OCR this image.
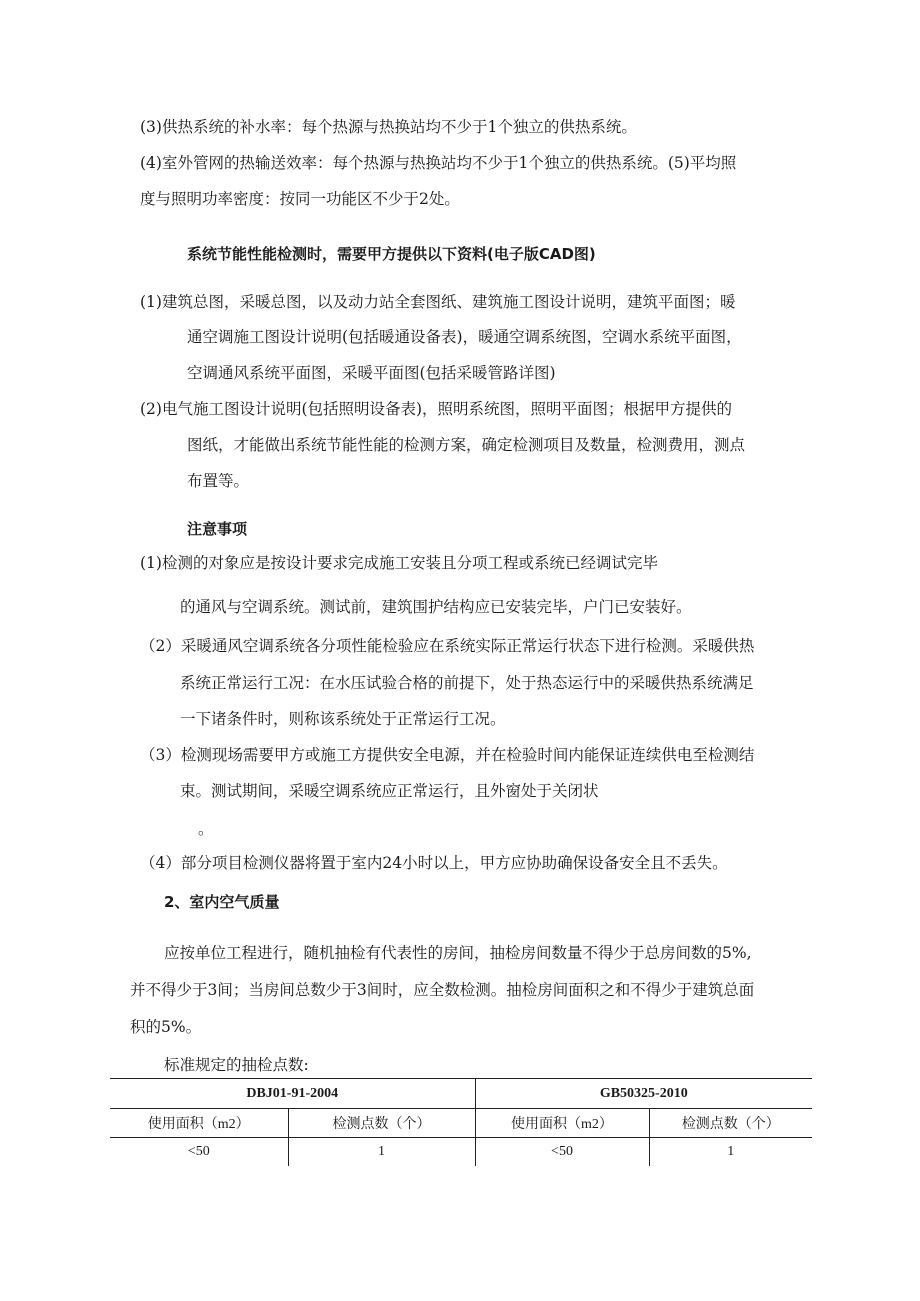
(3)供热系统的补水率：每个热源与热换站均不少于1个独立的供热系统。
(4)室外管网的热输送效率：每个热源与热换站均不少于1个独立的供热系统。(5)平均照
度与照明功率密度：按同一功能区不少于2处。
系统节能性能检测时，需要甲方提供以下资料(电子版CAD图)
(1)建筑总图，采暖总图，以及动力站全套图纸、建筑施工图设计说明，建筑平面图；暖
通空调施工图设计说明(包括暖通设备表)，暖通空调系统图，空调水系统平面图，
空调通风系统平面图，采暖平面图(包括采暖管路详图)
(2)电气施工图设计说明(包括照明设备表)，照明系统图，照明平面图；根据甲方提供的
图纸，才能做出系统节能性能的检测方案，确定检测项目及数量，检测费用，测点
布置等。
注意事项
(1)检测的对象应是按设计要求完成施工安装且分项工程或系统已经调试完毕
的通风与空调系统。测试前，建筑围护结构应已安装完毕，户门已安装好。
（2）采暖通风空调系统各分项性能检验应在系统实际正常运行状态下进行检测。采暖供热
系统正常运行工况：在水压试验合格的前提下，处于热态运行中的采暖供热系统满足
一下诸条件时，则称该系统处于正常运行工况。
（3）检测现场需要甲方或施工方提供安全电源，并在检验时间内能保证连续供电至检测结
束。测试期间，采暖空调系统应正常运行，且外窗处于关闭状
。
（4）部分项目检测仪器将置于室内24小时以上，甲方应协助确保设备安全且不丢失。
2、室内空气质量
应按单位工程进行，随机抽检有代表性的房间，抽检房间数量不得少于总房间数的5%,
并不得少于3间；当房间总数少于3间时，应全数检测。抽检房间面积之和不得少于建筑总面
积的5%。
标准规定的抽检点数:
DBJ01-91-2004		GB50325-2010	
使用面积（m2）	检测点数（个）	使用面积（m2）	检测点数（个）
<50	1	<50	1
